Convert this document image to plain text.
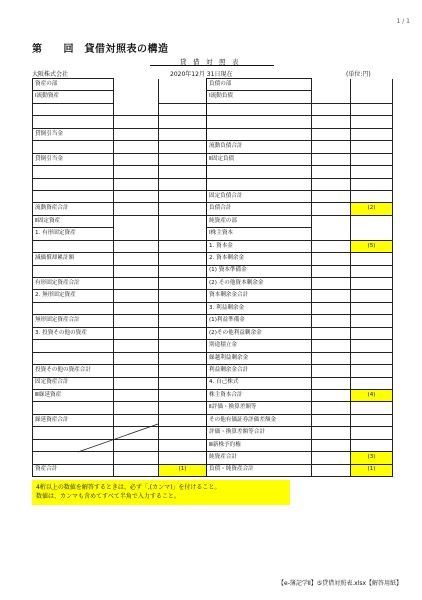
1 / 1
第　　回　貸借対照表の構造
貸　借　対　照　表
大阪株式会社	2020年12月 31日現在	(単位:円)
資産の部			負債の部		
Ⅰ流動資産			Ⅰ流動負債		

貸倒引当金					
			流動負債合計		
貸倒引当金			Ⅱ固定負債		

			固定負債合計		
流動資産合計			負債合計		(2)
Ⅱ固定資産			純資産の部		
1. 有形固定資産			Ⅰ株主資本		
			1. 資本金		(5)
減価償却累計額			2. 資本剰余金		
			(1) 資本準備金		
有形固定資産合計			(2) その他資本剰余金		
2. 無形固定資産			資本剰余金合計		
			3. 利益剰余金		
無形固定資産合計			(1)利益準備金		
3. 投資その他の資産			(2)その他利益剰余金		
			別途積立金		
			繰越利益剰余金		
投資その他の資産合計			利益剰余金合計		
固定資産合計			4. 自己株式		
Ⅲ繰延資産			株主資本合計		(4)
			Ⅱ評価・換算差額等		
繰延資産合計			その他有価証券評価差額金		
			評価・換算差額等合計		
			Ⅲ新株予約権		
			純資産合計		(3)
資産合計		(1)	負債・純資産合計		(1)
4桁以上の数値を解答するときは、必ず「,(カンマ)」を付けること。
数値は、カンマも含めてすべて半角で入力すること。
【e-簿記学Ⅱ】⑤貸借対照表.xlsx【解答用紙】
